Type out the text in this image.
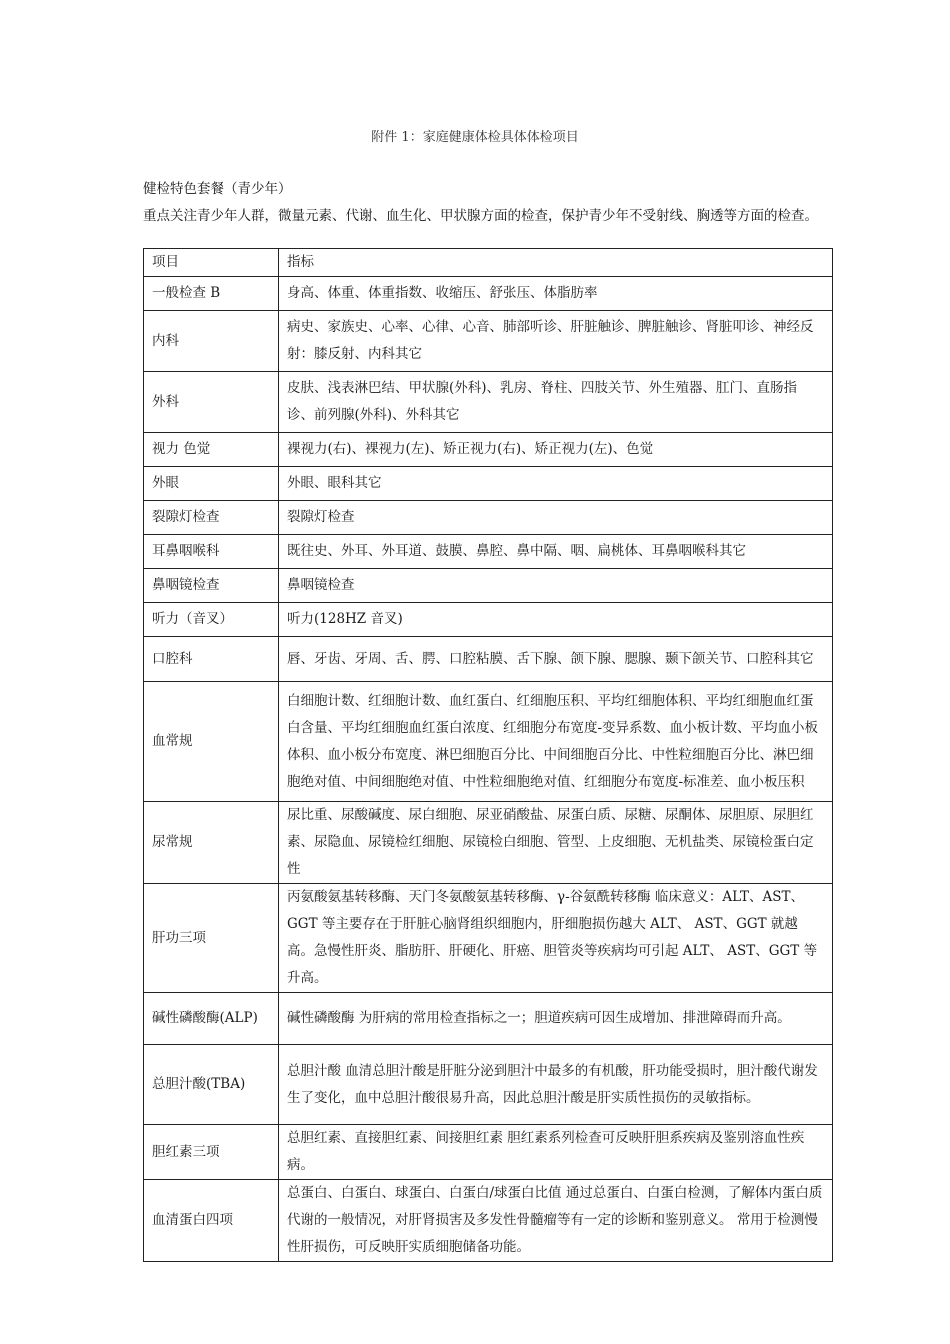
附件 1：家庭健康体检具体体检项目
健检特色套餐（青少年）
重点关注青少年人群，微量元素、代谢、血生化、甲状腺方面的检查，保护青少年不受射线、胸透等方面的检查。
项目	指标
一般检查 B	身高、体重、体重指数、收缩压、舒张压、体脂肪率
内科	病史、家族史、心率、心律、心音、肺部听诊、肝脏触诊、脾脏触诊、肾脏叩诊、神经反射：膝反射、内科其它
外科	皮肤、浅表淋巴结、甲状腺(外科)、乳房、脊柱、四肢关节、外生殖器、肛门、直肠指诊、前列腺(外科)、外科其它
视力 色觉	裸视力(右)、裸视力(左)、矫正视力(右)、矫正视力(左)、色觉
外眼	外眼、眼科其它
裂隙灯检查	裂隙灯检查
耳鼻咽喉科	既往史、外耳、外耳道、鼓膜、鼻腔、鼻中隔、咽、扁桃体、耳鼻咽喉科其它
鼻咽镜检查	鼻咽镜检查
听力（音叉）	听力(128HZ 音叉)
口腔科	唇、牙齿、牙周、舌、腭、口腔粘膜、舌下腺、颌下腺、腮腺、颞下颌关节、口腔科其它
血常规	白细胞计数、红细胞计数、血红蛋白、红细胞压积、平均红细胞体积、平均红细胞血红蛋白含量、平均红细胞血红蛋白浓度、红细胞分布宽度-变异系数、血小板计数、平均血小板体积、血小板分布宽度、淋巴细胞百分比、中间细胞百分比、中性粒细胞百分比、淋巴细胞绝对值、中间细胞绝对值、中性粒细胞绝对值、红细胞分布宽度-标准差、血小板压积
尿常规	尿比重、尿酸碱度、尿白细胞、尿亚硝酸盐、尿蛋白质、尿糖、尿酮体、尿胆原、尿胆红素、尿隐血、尿镜检红细胞、尿镜检白细胞、管型、上皮细胞、无机盐类、尿镜检蛋白定性
肝功三项	丙氨酸氨基转移酶、天门冬氨酸氨基转移酶、γ-谷氨酰转移酶 临床意义：ALT、AST、GGT 等主要存在于肝脏心脑肾组织细胞内，肝细胞损伤越大 ALT、 AST、GGT 就越高。急慢性肝炎、脂肪肝、肝硬化、肝癌、胆管炎等疾病均可引起 ALT、 AST、GGT 等升高。
碱性磷酸酶(ALP)	碱性磷酸酶 为肝病的常用检查指标之一；胆道疾病可因生成增加、排泄障碍而升高。
总胆汁酸(TBA)	总胆汁酸 血清总胆汁酸是肝脏分泌到胆汁中最多的有机酸，肝功能受损时，胆汁酸代谢发生了变化，血中总胆汁酸很易升高，因此总胆汁酸是肝实质性损伤的灵敏指标。
胆红素三项	总胆红素、直接胆红素、间接胆红素 胆红素系列检查可反映肝胆系疾病及鉴别溶血性疾病。
血清蛋白四项	总蛋白、白蛋白、球蛋白、白蛋白/球蛋白比值 通过总蛋白、白蛋白检测，了解体内蛋白质代谢的一般情况，对肝肾损害及多发性骨髓瘤等有一定的诊断和鉴别意义。 常用于检测慢性肝损伤，可反映肝实质细胞储备功能。
